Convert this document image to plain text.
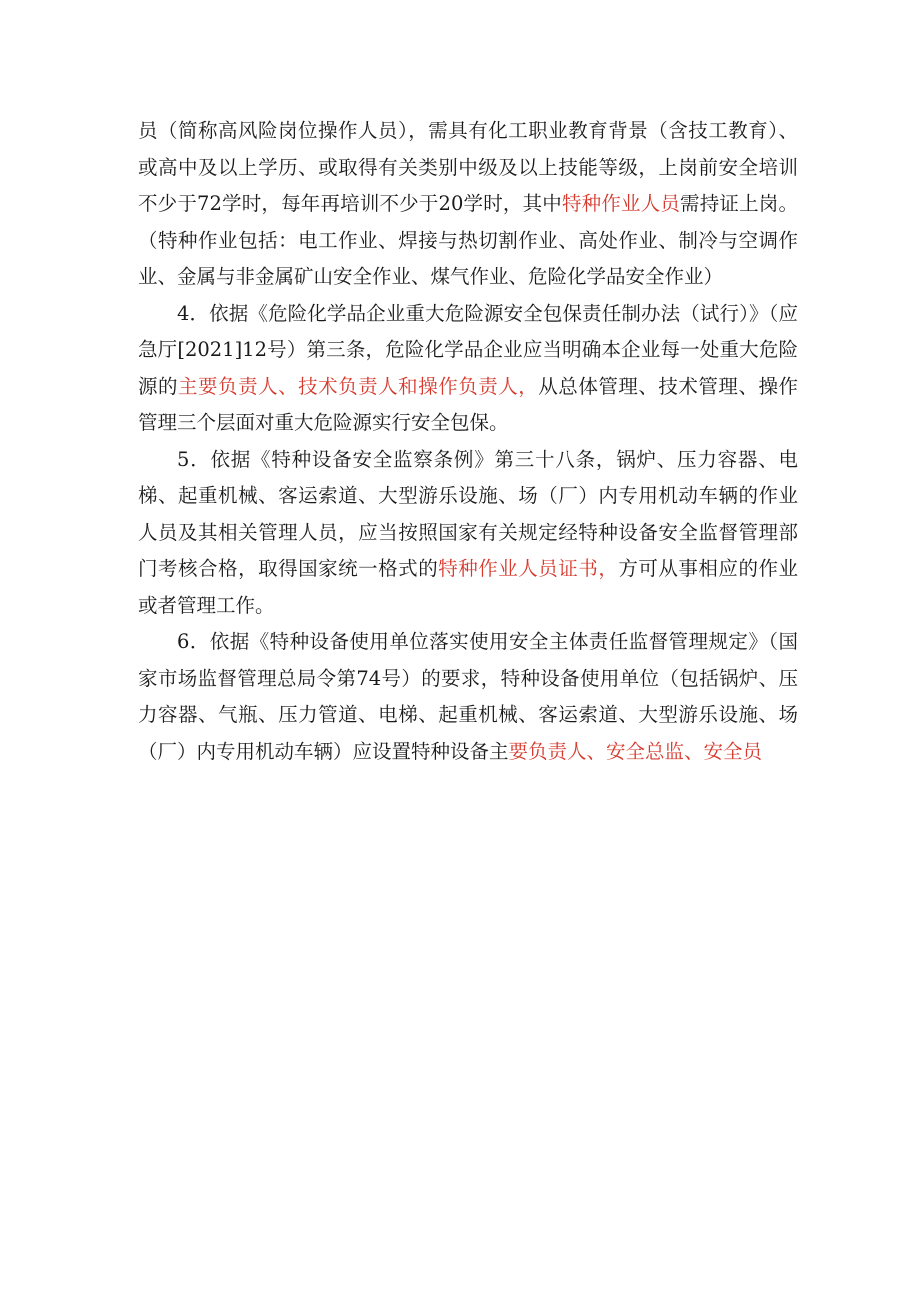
员（简称高风险岗位操作人员），需具有化工职业教育背景（含技工教育）、或高中及以上学历、或取得有关类别中级及以上技能等级，上岗前安全培训不少于72学时，每年再培训不少于20学时，其中特种作业人员需持证上岗。（特种作业包括：电工作业、焊接与热切割作业、高处作业、制冷与空调作业、金属与非金属矿山安全作业、煤气作业、危险化学品安全作业）

4．依据《危险化学品企业重大危险源安全包保责任制办法（试行）》（应急厅[2021]12号）第三条，危险化学品企业应当明确本企业每一处重大危险源的主要负责人、技术负责人和操作负责人，从总体管理、技术管理、操作管理三个层面对重大危险源实行安全包保。

5．依据《特种设备安全监察条例》第三十八条，锅炉、压力容器、电梯、起重机械、客运索道、大型游乐设施、场（厂）内专用机动车辆的作业人员及其相关管理人员，应当按照国家有关规定经特种设备安全监督管理部门考核合格，取得国家统一格式的特种作业人员证书，方可从事相应的作业或者管理工作。

6．依据《特种设备使用单位落实使用安全主体责任监督管理规定》（国家市场监督管理总局令第74号）的要求，特种设备使用单位（包括锅炉、压力容器、气瓶、压力管道、电梯、起重机械、客运索道、大型游乐设施、场（厂）内专用机动车辆）应设置特种设备主要负责人、安全总监、安全员
